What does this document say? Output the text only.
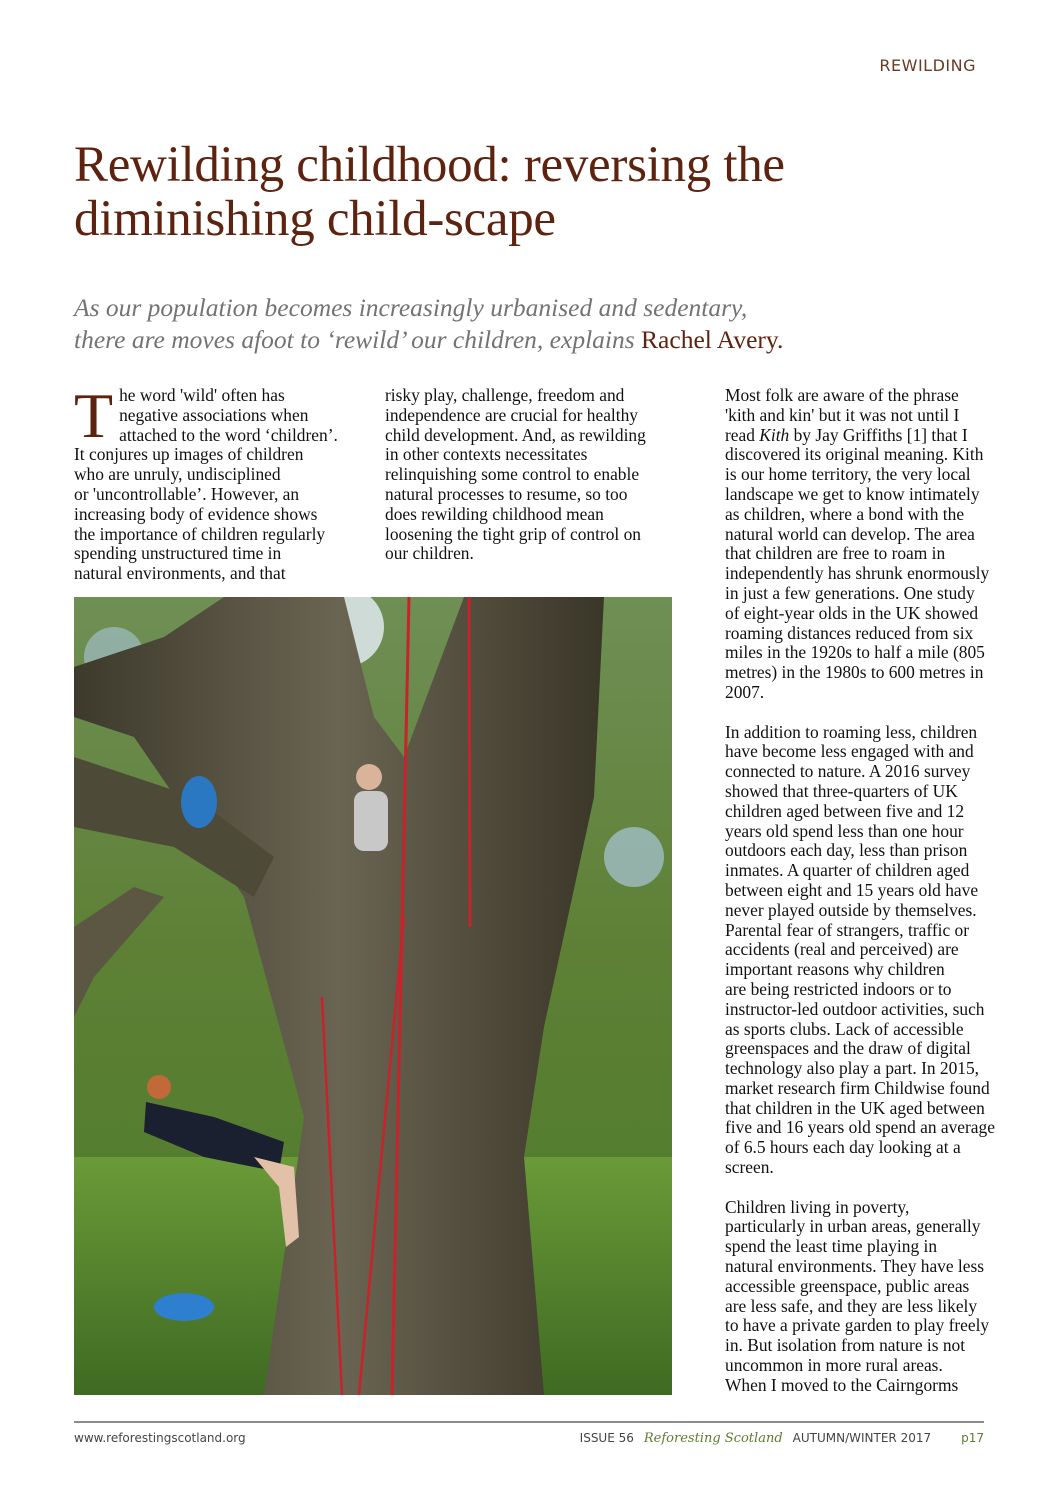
REWILDING
Rewilding childhood: reversing the
diminishing child-scape

As our population becomes increasingly urbanised and sedentary,
there are moves afoot to ‘rewild’ our children, explains Rachel Avery.

T he word 'wild' often has
negative associations when
attached to the word ‘children’.
It conjures up images of children
who are unruly, undisciplined
or 'uncontrollable’. However, an
increasing body of evidence shows
the importance of children regularly
spending unstructured time in
natural environments, and that

risky play, challenge, freedom and
independence are crucial for healthy
child development. And, as rewilding
in other contexts necessitates
relinquishing some control to enable
natural processes to resume, so too
does rewilding childhood mean
loosening the tight grip of control on
our children.

Most folk are aware of the phrase
'kith and kin' but it was not until I
read Kith by Jay Griffiths [1] that I
discovered its original meaning. Kith
is our home territory, the very local
landscape we get to know intimately
as children, where a bond with the
natural world can develop. The area
that children are free to roam in
independently has shrunk enormously
in just a few generations. One study
of eight-year olds in the UK showed
roaming distances reduced from six
miles in the 1920s to half a mile (805
metres) in the 1980s to 600 metres in
2007.

In addition to roaming less, children
have become less engaged with and
connected to nature. A 2016 survey
showed that three-quarters of UK
children aged between five and 12
years old spend less than one hour
outdoors each day, less than prison
inmates. A quarter of children aged
between eight and 15 years old have
never played outside by themselves.
Parental fear of strangers, traffic or
accidents (real and perceived) are
important reasons why children
are being restricted indoors or to
instructor-led outdoor activities, such
as sports clubs. Lack of accessible
greenspaces and the draw of digital
technology also play a part. In 2015,
market research firm Childwise found
that children in the UK aged between
five and 16 years old spend an average
of 6.5 hours each day looking at a
screen.

Children living in poverty,
particularly in urban areas, generally
spend the least time playing in
natural environments. They have less
accessible greenspace, public areas
are less safe, and they are less likely
to have a private garden to play freely
in. But isolation from nature is not
uncommon in more rural areas.
When I moved to the Cairngorms

www.reforestingscotland.org	ISSUE 56 Reforesting Scotland AUTUMN/WINTER 2017	p17
